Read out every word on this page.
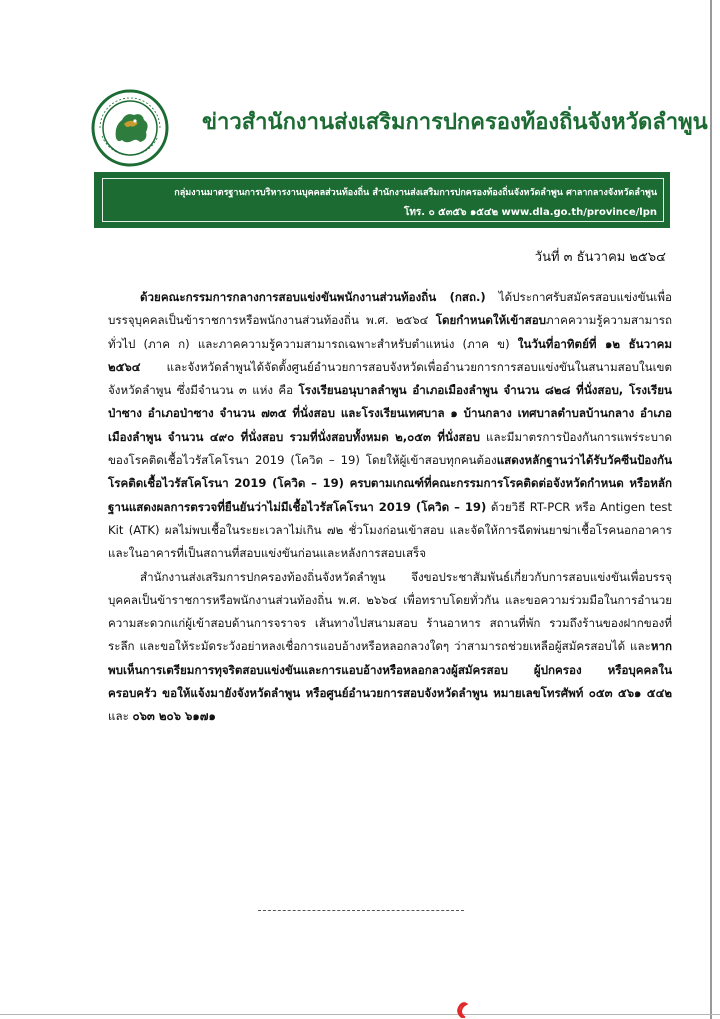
ข่าวสำนักงานส่งเสริมการปกครองท้องถิ่นจังหวัดลำพูน
กลุ่มงานมาตรฐานการบริหารงานบุคคลส่วนท้องถิ่น สำนักงานส่งเสริมการปกครองท้องถิ่นจังหวัดลำพูน ศาลากลางจังหวัดลำพูน
โทร. ๐ ๕๓๕๖ ๑๕๔๒ www.dla.go.th/province/lpn
วันที่ ๓ ธันวาคม ๒๕๖๔

ด้วยคณะกรรมการกลางการสอบแข่งขันพนักงานส่วนท้องถิ่น (กสถ.) ได้ประกาศรับสมัครสอบแข่งขันเพื่อบรรจุบุคคลเป็นข้าราชการหรือพนักงานส่วนท้องถิ่น พ.ศ. ๒๕๖๔ โดยกำหนดให้เข้าสอบภาคความรู้ความสามารถทั่วไป (ภาค ก) และภาคความรู้ความสามารถเฉพาะสำหรับตำแหน่ง (ภาค ข) ในวันที่อาทิตย์ที่ ๑๒ ธันวาคม ๒๕๖๔ และจังหวัดลำพูนได้จัดตั้งศูนย์อำนวยการสอบจังหวัดเพื่ออำนวยการการสอบแข่งขันในสนามสอบในเขตจังหวัดลำพูน ซึ่งมีจำนวน ๓ แห่ง คือ โรงเรียนอนุบาลลำพูน อำเภอเมืองลำพูน จำนวน ๘๒๘ ที่นั่งสอบ, โรงเรียนป่าซาง อำเภอป่าซาง จำนวน ๗๓๕ ที่นั่งสอบ และโรงเรียนเทศบาล ๑ บ้านกลาง เทศบาลตำบลบ้านกลาง อำเภอเมืองลำพูน จำนวน ๔๙๐ ที่นั่งสอบ รวมที่นั่งสอบทั้งหมด ๒,๐๕๓ ที่นั่งสอบ และมีมาตรการป้องกันการแพร่ระบาดของโรคติดเชื้อไวรัสโคโรนา 2019 (โควิด – 19) โดยให้ผู้เข้าสอบทุกคนต้องแสดงหลักฐานว่าได้รับวัคซีนป้องกันโรคติดเชื้อไวรัสโคโรนา 2019 (โควิด – 19) ครบตามเกณฑ์ที่คณะกรรมการโรคติดต่อจังหวัดกำหนด หรือหลักฐานแสดงผลการตรวจที่ยืนยันว่าไม่มีเชื้อไวรัสโคโรนา 2019 (โควิด – 19) ด้วยวิธี RT-PCR หรือ Antigen test Kit (ATK) ผลไม่พบเชื้อในระยะเวลาไม่เกิน ๗๒ ชั่วโมงก่อนเข้าสอบ และจัดให้การฉีดพ่นยาฆ่าเชื้อโรคนอกอาคารและในอาคารที่เป็นสถานที่สอบแข่งขันก่อนและหลังการสอบเสร็จ

สำนักงานส่งเสริมการปกครองท้องถิ่นจังหวัดลำพูน จึงขอประชาสัมพันธ์เกี่ยวกับการสอบแข่งขันเพื่อบรรจุบุคคลเป็นข้าราชการหรือพนักงานส่วนท้องถิ่น พ.ศ. ๒๖๖๔ เพื่อทราบโดยทั่วกัน และขอความร่วมมือในการอำนวยความสะดวกแก่ผู้เข้าสอบด้านการจราจร เส้นทางไปสนามสอบ ร้านอาหาร สถานที่พัก รวมถึงร้านของฝากของที่ระลึก และขอให้ระมัดระวังอย่าหลงเชื่อการแอบอ้างหรือหลอกลวงใดๆ ว่าสามารถช่วยเหลือผู้สมัครสอบได้ และหากพบเห็นการเตรียมการทุจริตสอบแข่งขันและการแอบอ้างหรือหลอกลวงผู้สมัครสอบ ผู้ปกครอง หรือบุคคลในครอบครัว ขอให้แจ้งมายังจังหวัดลำพูน หรือศูนย์อำนวยการสอบจังหวัดลำพูน หมายเลขโทรศัพท์ ๐๕๓ ๕๖๑ ๕๔๒ และ ๐๖๓ ๒๐๖ ๖๑๗๑
